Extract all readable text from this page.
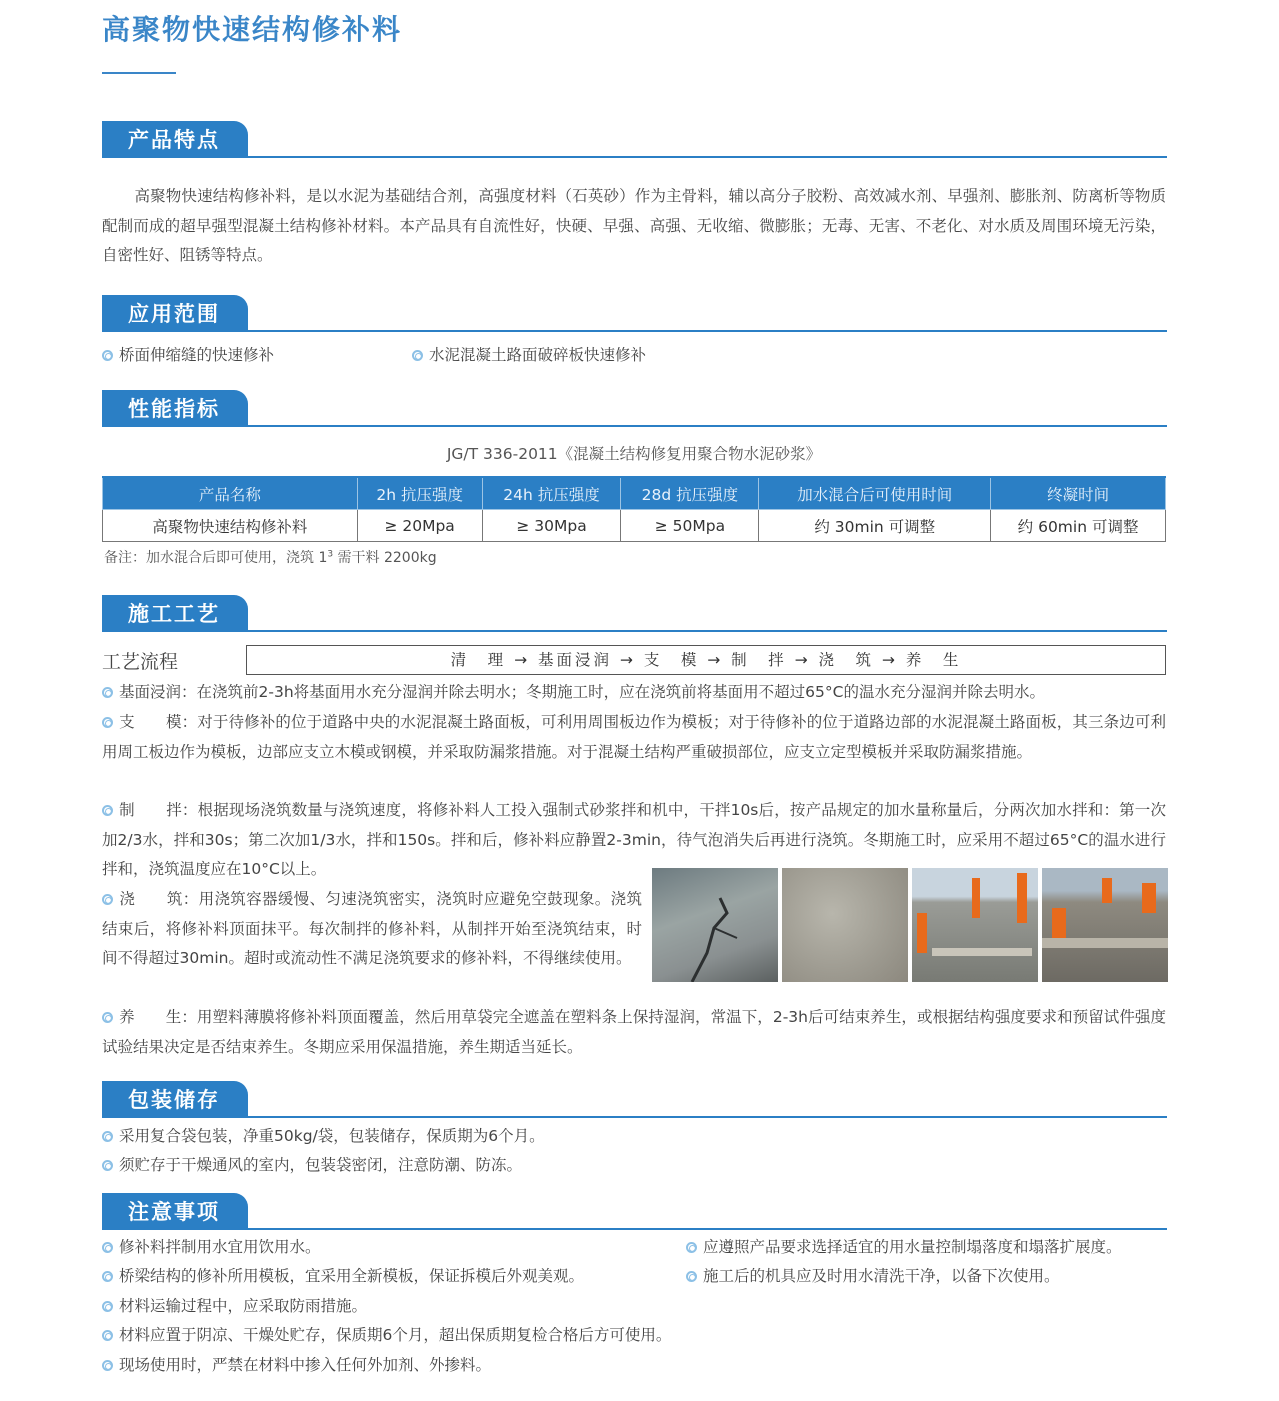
高聚物快速结构修补料
产品特点
高聚物快速结构修补料，是以水泥为基础结合剂，高强度材料（石英砂）作为主骨料，辅以高分子胶粉、高效减水剂、早强剂、膨胀剂、防离析等物质配制而成的超早强型混凝土结构修补材料。本产品具有自流性好，快硬、早强、高强、无收缩、微膨胀；无毒、无害、不老化、对水质及周围环境无污染，自密性好、阻锈等特点。
应用范围
桥面伸缩缝的快速修补	水泥混凝土路面破碎板快速修补
性能指标
JG/T 336-2011《混凝土结构修复用聚合物水泥砂浆》
产品名称	2h 抗压强度	24h 抗压强度	28d 抗压强度	加水混合后可使用时间	终凝时间
高聚物快速结构修补料	≥ 20Mpa	≥ 30Mpa	≥ 50Mpa	约 30min 可调整	约 60min 可调整
备注：加水混合后即可使用，浇筑 $1^3$ 需干料 2200kg
施工工艺
工艺流程	清　理 → 基面浸润 → 支　模 → 制　拌 → 浇　筑 → 养　生
基面浸润：在浇筑前2-3h将基面用水充分湿润并除去明水；冬期施工时，应在浇筑前将基面用不超过65°C的温水充分湿润并除去明水。
支　　模：对于待修补的位于道路中央的水泥混凝土路面板，可利用周围板边作为模板；对于待修补的位于道路边部的水泥混凝土路面板，其三条边可利用周工板边作为模板，边部应支立木模或钢模，并采取防漏浆措施。对于混凝土结构严重破损部位，应支立定型模板并采取防漏浆措施。
制　　拌：根据现场浇筑数量与浇筑速度，将修补料人工投入强制式砂浆拌和机中，干拌10s后，按产品规定的加水量称量后，分两次加水拌和：第一次加2/3水，拌和30s；第二次加1/3水，拌和150s。拌和后，修补料应静置2-3min，待气泡消失后再进行浇筑。冬期施工时，应采用不超过65°C的温水进行拌和，浇筑温度应在10°C以上。
浇　　筑：用浇筑容器缓慢、匀速浇筑密实，浇筑时应避免空鼓现象。浇筑结束后，将修补料顶面抹平。每次制拌的修补料，从制拌开始至浇筑结束，时间不得超过30min。超时或流动性不满足浇筑要求的修补料，不得继续使用。
养　　生：用塑料薄膜将修补料顶面覆盖，然后用草袋完全遮盖在塑料条上保持湿润，常温下，2-3h后可结束养生，或根据结构强度要求和预留试件强度试验结果决定是否结束养生。冬期应采用保温措施，养生期适当延长。
包装储存
采用复合袋包装，净重50kg/袋，包装储存，保质期为6个月。
须贮存于干燥通风的室内，包装袋密闭，注意防潮、防冻。
注意事项
修补料拌制用水宜用饮用水。
桥梁结构的修补所用模板，宜采用全新模板，保证拆模后外观美观。
材料运输过程中，应采取防雨措施。
材料应置于阴凉、干燥处贮存，保质期6个月，超出保质期复检合格后方可使用。
现场使用时，严禁在材料中掺入任何外加剂、外掺料。
应遵照产品要求选择适宜的用水量控制塌落度和塌落扩展度。
施工后的机具应及时用水清洗干净，以备下次使用。
